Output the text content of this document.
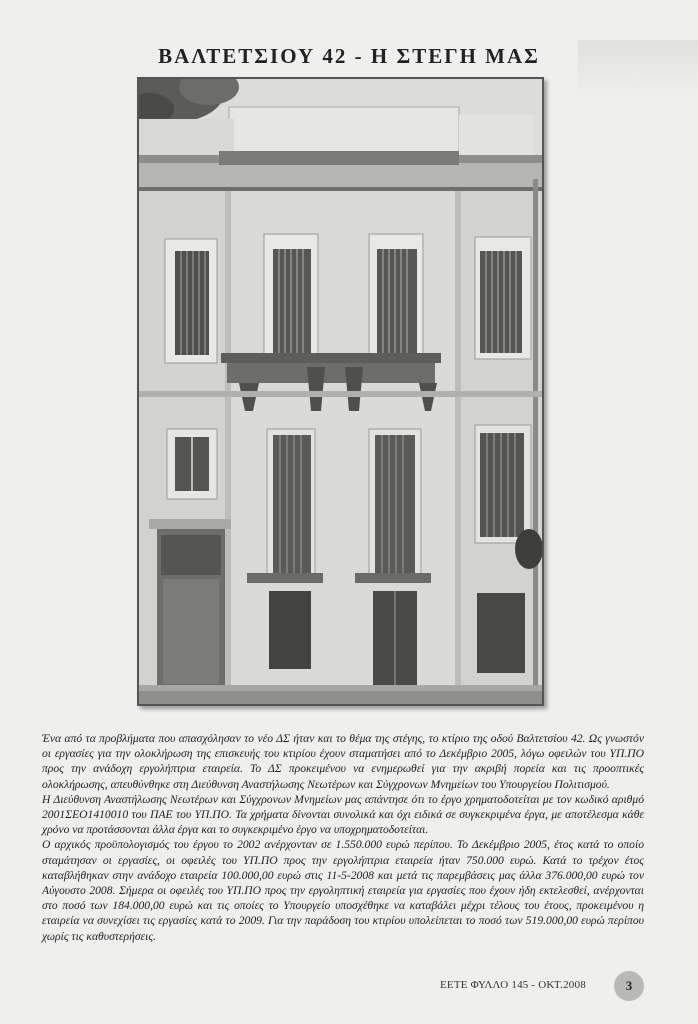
ΒΑΛΤΕΤΣΙΟΥ 42 - Η ΣΤΕΓΗ ΜΑΣ

Ένα από τα προβλήματα που απασχόλησαν το νέο ΔΣ ήταν και το θέμα της στέγης, το κτίριο της οδού Βαλτετσίου 42. Ως γνωστόν οι εργασίες για την ολοκλήρωση της επισκευής του κτιρίου έχουν σταματήσει από το Δεκέμβριο 2005, λόγω οφειλών του ΥΠ.ΠΟ προς την ανάδοχη εργολήπτρια εταιρεία. Το ΔΣ προκειμένου να ενημερωθεί για την ακριβή πορεία και τις προοπτικές ολοκλήρωσης, απευθύνθηκε στη Διεύθυνση Αναστήλωσης Νεωτέρων και Σύγχρονων Μνημείων του Υπουργείου Πολιτισμού.

Η Διεύθυνση Αναστήλωσης Νεωτέρων και Σύγχρονων Μνημείων μας απάντησε ότι το έργο χρηματοδοτείται με τον κωδικό αριθμό 2001ΣΕΟ1410010 του ΠΑΕ του ΥΠ.ΠΟ. Τα χρήματα δίνονται συνολικά και όχι ειδικά σε συγκεκριμένα έργα, με αποτέλεσμα κάθε χρόνο να προτάσσονται άλλα έργα και το συγκεκριμένο έργο να υποχρηματοδοτείται.

Ο αρχικός προϋπολογισμός του έργου το 2002 ανέρχονταν σε 1.550.000 ευρώ περίπου. Το Δεκέμβριο 2005, έτος κατά το οποίο σταμάτησαν οι εργασίες, οι οφειλές του ΥΠ.ΠΟ προς την εργολήπτρια εταιρεία ήταν 750.000 ευρώ. Κατά το τρέχον έτος καταβλήθηκαν στην ανάδοχο εταιρεία 100.000,00 ευρώ στις 11-5-2008 και μετά τις παρεμβάσεις μας άλλα 376.000,00 ευρώ τον Αύγουστο 2008. Σήμερα οι οφειλές του ΥΠ.ΠΟ προς την εργοληπτική εταιρεία για εργασίες που έχουν ήδη εκτελεσθεί, ανέρχονται στο ποσό των 184.000,00 ευρώ και τις οποίες το Υπουργείο υποσχέθηκε να καταβάλει μέχρι τέλους του έτους, προκειμένου η εταιρεία να συνεχίσει τις εργασίες κατά το 2009. Για την παράδοση του κτιρίου υπολείπεται το ποσό των 519.000,00 ευρώ περίπου χωρίς τις καθυστερήσεις.

ΕΕΤΕ ΦΥΛΛΟ 145 - ΟΚΤ.2008	3
